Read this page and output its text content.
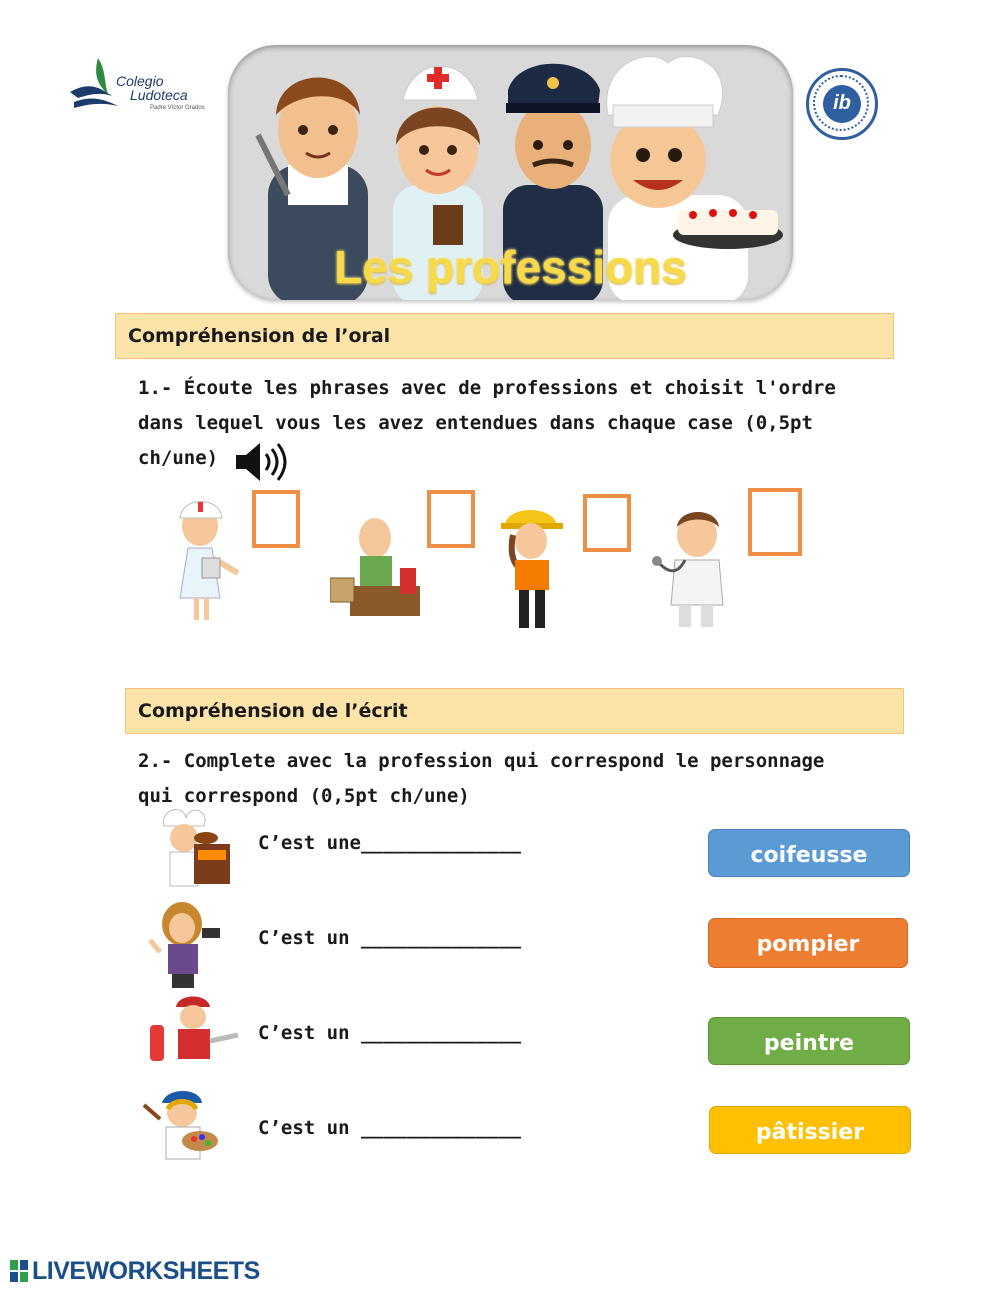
Colegio
Ludoteca
Padre Víctor Grados
Les professions
ib
Compréhension de l’oral
1.- Écoute les phrases avec de professions et choisit l'ordre
dans lequel vous les avez entendues dans chaque case (0,5pt
ch/une)
Compréhension de l’écrit
2.- Complete avec la profession qui correspond le personnage
qui correspond (0,5pt ch/une)
C’est une______________
C’est un ______________
C’est un ______________
C’est un ______________
coifeusse
pompier
peintre
pâtissier
LIVEWORKSHEETS
